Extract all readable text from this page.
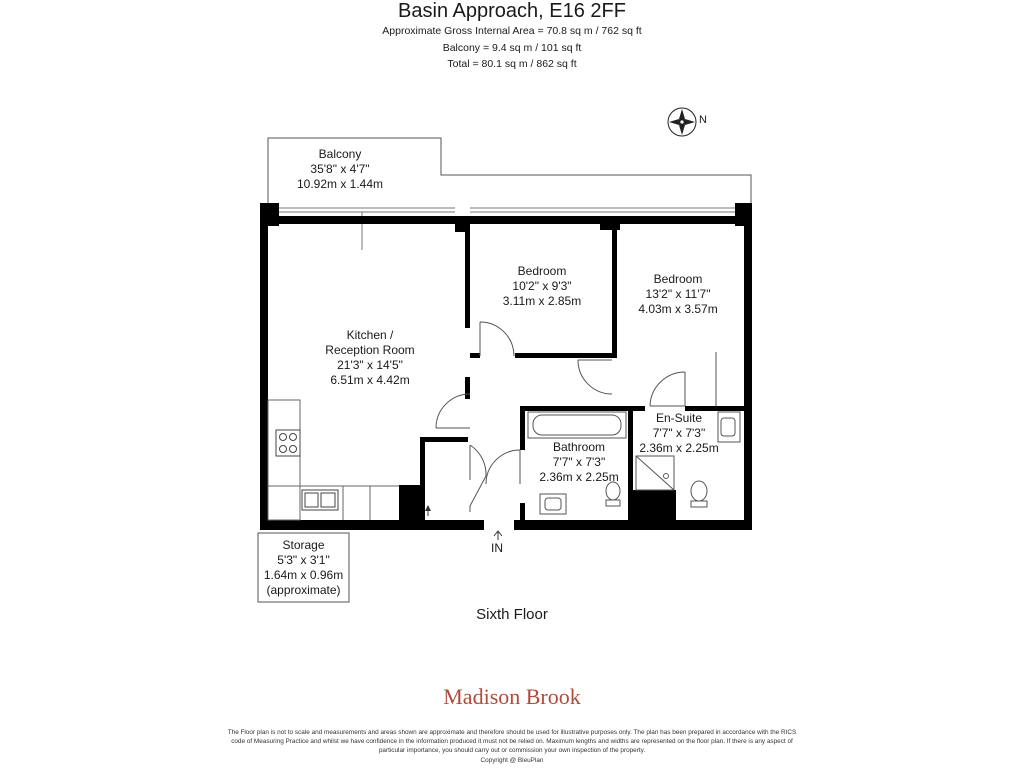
Basin Approach, E16 2FF
Approximate Gross Internal Area = 70.8 sq m / 762 sq ft
Balcony = 9.4 sq m / 101 sq ft
Total = 80.1 sq m / 862 sq ft
N
Balcony
35'8" x 4'7"
10.92m x 1.44m
Kitchen /
Reception Room
21'3" x 14'5"
6.51m x 4.42m
Bedroom
10'2" x 9'3"
3.11m x 2.85m
Bedroom
13'2" x 11'7"
4.03m x 3.57m
Bathroom
7'7" x 7'3"
2.36m x 2.25m
En-Suite
7'7" x 7'3"
2.36m x 2.25m
Storage
5'3" x 3'1"
1.64m x 0.96m
(approximate)
IN
Sixth Floor
Madison Brook
The Floor plan is not to scale and measurements and areas shown are approximate and therefore should be used for illustrative purposes only. The plan has been prepared in accordance with the RICS code of Measuring Practice and whilst we have confidence in the information produced it must not be relied on. Maximum lengths and widths are represented on the floor plan. If there is any aspect of particular importance, you should carry out or commission your own inspection of the property.
Copyright @ BleuPlan
